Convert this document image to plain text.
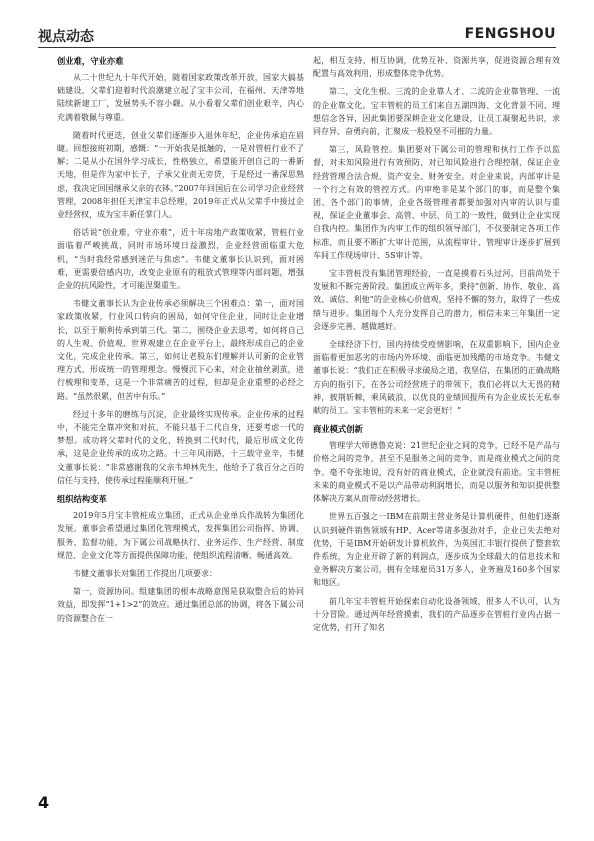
视点动态	FENGSHOU
创业难，守业亦难

从二十世纪九十年代开始，随着国家政策改革开放，国家大搞基础建设，父辈们迎着时代浪潮建立起了宝丰公司，在福州、天津等地陆续新建工厂，发展势头不容小觑。从小看着父辈们创业艰辛，内心充满着敬佩与尊重。

随着时代更迭，创业父辈们逐渐步入退休年纪，企业传承迫在眉睫。回想接班初期，感慨：“一开始我是抵触的，一是对管桩行业不了解；二是从小在国外学习成长，性格独立，希望能开创自己的一番新天地，但是作为家中长子，子承父业责无旁贷，于是经过一番深思熟虑，我决定回国继承父亲的衣钵。”2007年回国后在公司学习企业经营管理，2008年担任天津宝丰总经理，2019年正式从父辈手中接过企业经营权，成为宝丰新任掌门人。

俗话说“创业难，守业亦难”，近十年房地产政策收紧，管桩行业面临着严峻挑战，同时市场环境日益激烈，企业经营面临重大危机，“当时我经常感到迷茫与焦虑”。韦健文董事长认识到，面对困难，更需要倍感内功，改变企业原有的粗放式管理等内部问题，增强企业的抗风险性，才可能涅槃重生。

韦健文董事长认为企业传承必须解决三个困难点：第一，面对国家政策收紧，行业风口转向的困局，如何守住企业，同时让企业增长，以至于顺利传承到第三代。第二，围绕企业去思考，如何将自己的人生观、价值观、世界观建立在企业平台上，最终形成自己的企业文化，完成企业传承。第三，如何让老股东们理解并认可新的企业管理方式，形成统一的管理理念。慢慢沉下心来，对企业抽丝剥茧，进行梳理和变革，这是一个非常痛苦的过程，但却是企业重塑的必经之路。“虽然很累，但苦中有乐。”

经过十多年的磨练与沉淀，企业最终实现传承。企业传承的过程中，不能完全靠冲突和对抗，不能只基于二代自身，还要考虑一代的梦想。成功将父辈时代的文化，转换到二代时代，最后形成文化传承，这是企业传承的成功之路。十三年风雨路，十三载守业辛，韦健文董事长说：“非常感谢我的父亲韦坤林先生，他给予了我百分之百的信任与支持，使传承过程能顺利开展。”

组织结构变革

2019年5月宝丰管桩成立集团，正式从企业单兵作战转为集团化发展。董事会希望通过集团化管理模式，发挥集团公司指挥、协调、服务、监督功能，为下属公司战略执行、业务运作、生产经营、制度规范、企业文化等方面提供保障功能，使组织流程清晰、畅通高效。

韦健文董事长对集团工作提出几项要求：

第一，资源协同。组建集团的根本战略意图是获取整合后的协同效益，即发挥“1+1>2”的效应。通过集团总部的协调，将各下属公司的资源整合在一

起，相互支持、相互协调，优势互补、资源共享，促进资源合理有效配置与高效利用，形成整体竞争优势。

第二，文化生根。三流的企业靠人才、二流的企业靠管理、一流的企业靠文化。宝丰管桩的员工们来自五湖四海、文化背景不同、理想信念各异，因此集团要深耕企业文化建设，让员工凝聚起共识，求同存异、奋勇向前，汇聚成一股股坚不可摧的力量。

第三，风险管控。集团要对下属公司的管理和执行工作予以监督，对未知风险进行有效预防、对已知风险进行合理控制，保证企业经营管理合法合规、资产安全、财务安全。对企业来说，内部审计是一个行之有效的管控方式。内审绝非是某个部门的事，而是整个集团、各个部门的事情，企业各级管理者都要加强对内审的认识与重视，保证企业董事会、高管、中层、员工的一致性，做到让企业实现自我内控。集团作为内审工作的组织领导部门，不仅要制定各项工作标准，而且要不断扩大审计范围，从流程审计、管理审计逐步扩展到车间工作现场审计、5S审计等。

宝丰管桩没有集团管理经验，一直是摸着石头过河，目前尚处于发展和不断完善阶段。集团成立两年多，秉持“创新、协作、敬业、高效、诚信、利他”的企业核心价值观，坚持不懈的努力，取得了一些成绩与进步。集团每个人充分发挥自己的潜力，相信未来三年集团一定会逐步完善、越做越好。

全球经济下行，国内持续受疫情影响，在双重影响下，国内企业面临着更加恶劣的市场内外环境、面临更加残酷的市场竞争。韦健文董事长说：“我们正在积极寻求破局之道，我坚信，在集团的正确战略方向的指引下，在各公司经营班子的带领下，我们必将以大无畏的精神，披荆斩棘，乘风破浪，以优良的业绩回报所有为企业成长无私奉献的员工。宝丰管桩的未来一定会更好！”

商业模式创新

管理学大师德鲁克说：21世纪企业之间的竞争，已经不是产品与价格之间的竞争，甚至不是服务之间的竞争，而是商业模式之间的竞争。毫不夸张地说，没有好的商业模式，企业就没有前途。宝丰管桩未来的商业模式不是以产品带动利润增长，而是以服务和知识提供整体解决方案从而带动经营增长。

世界五百强之一IBM在前期主营业务是计算机硬件，但他们逐渐认识到硬件销售领域有HP、Acer等诸多强劲对手，企业已失去绝对优势，于是IBM开始研发计算机软件，为英国汇丰银行提供了整套软件系统，为企业开辟了新的利润点，逐步成为全球最大的信息技术和业务解决方案公司，拥有全球雇员31万多人，业务遍及160多个国家和地区。

前几年宝丰管桩开始探索自动化设备领域，很多人不认可，认为十分冒险。通过两年经营摸索，我们的产品逐步在管桩行业内占据一定优势，打开了知名

4
